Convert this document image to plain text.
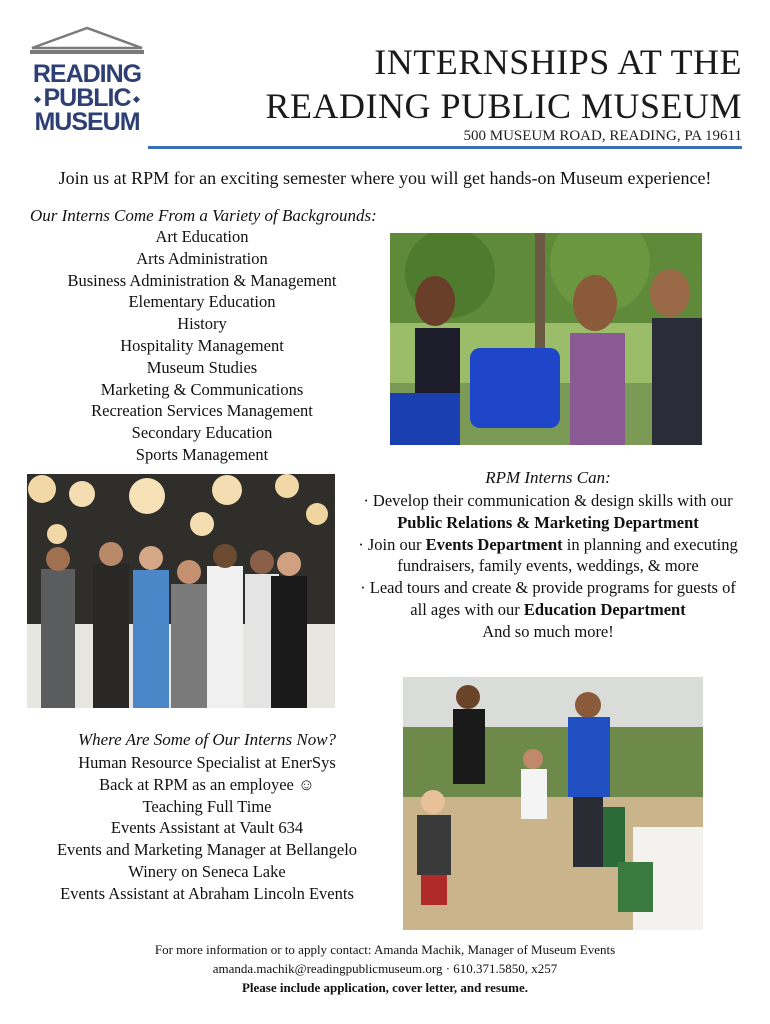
READING
PUBLIC
MUSEUM
INTERNSHIPS AT THE
READING PUBLIC MUSEUM
500 MUSEUM ROAD, READING, PA 19611
Join us at RPM for an exciting semester where you will get hands-on Museum experience!
Our Interns Come From a Variety of Backgrounds:
Art Education
Arts Administration
Business Administration & Management
Elementary Education
History
Hospitality Management
Museum Studies
Marketing & Communications
Recreation Services Management
Secondary Education
Sports Management
RPM Interns Can:
· Develop their communication & design skills with our Public Relations & Marketing Department
· Join our Events Department in planning and executing fundraisers, family events, weddings, & more
· Lead tours and create & provide programs for guests of all ages with our Education Department
And so much more!
Where Are Some of Our Interns Now?
Human Resource Specialist at EnerSys
Back at RPM as an employee ☺
Teaching Full Time
Events Assistant at Vault 634
Events and Marketing Manager at Bellangelo
Winery on Seneca Lake
Events Assistant at Abraham Lincoln Events
For more information or to apply contact: Amanda Machik, Manager of Museum Events
amanda.machik@readingpublicmuseum.org · 610.371.5850, x257
Please include application, cover letter, and resume.
